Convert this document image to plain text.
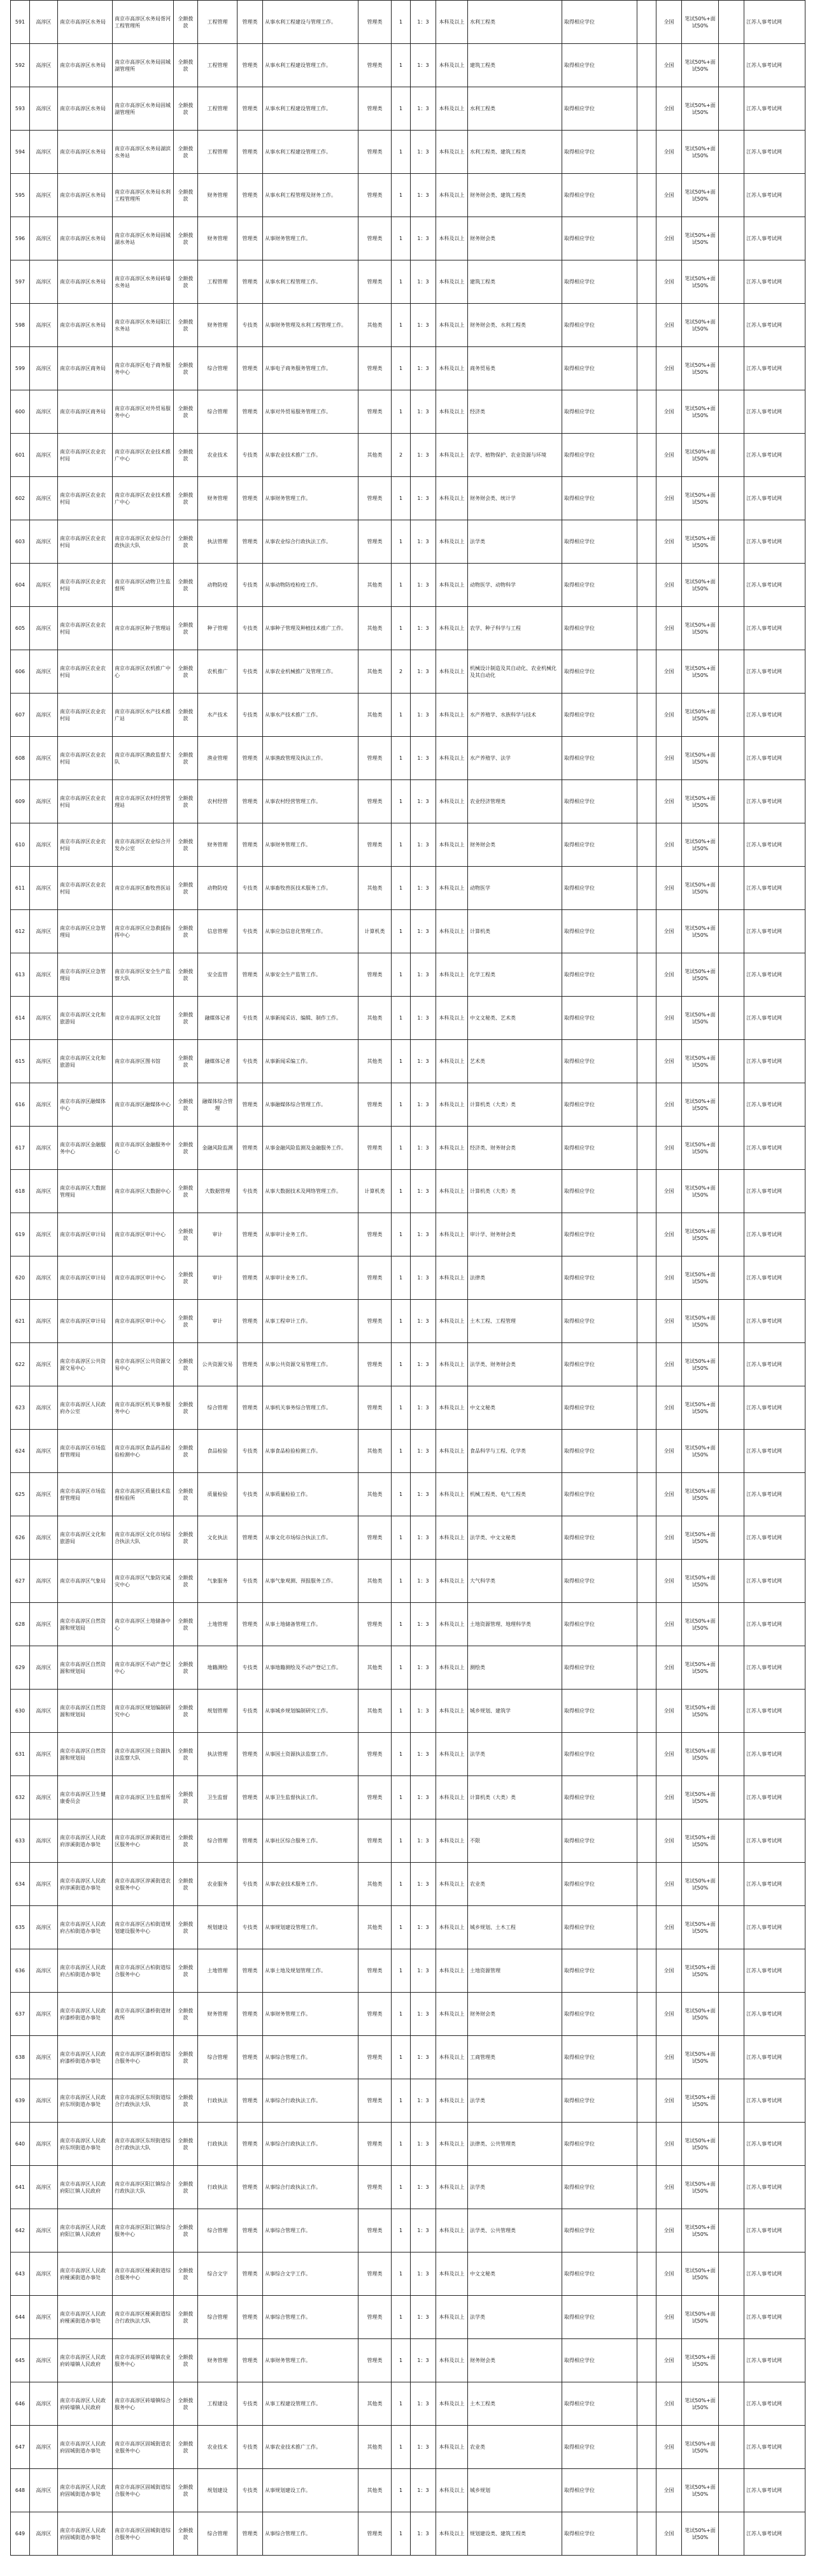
591	高淳区	南京市高淳区水务局	南京市高淳区水务局胥河工程管理所	全额拨款	工程管理	管理类	从事水利工程建设与管理工作。	管理类	1	1：3	本科及以上	水利工程类	取得相应学位		全国	笔试50%+面试50%		江苏人事考试网
592	高淳区	南京市高淳区水务局	南京市高淳区水务局固城湖管理所	全额拨款	工程管理	管理类	从事水利工程建设管理工作。	管理类	1	1：3	本科及以上	建筑工程类	取得相应学位		全国	笔试50%+面试50%		江苏人事考试网
593	高淳区	南京市高淳区水务局	南京市高淳区水务局固城湖管理所	全额拨款	工程管理	管理类	从事水利工程建设管理工作。	管理类	1	1：3	本科及以上	水利工程类	取得相应学位		全国	笔试50%+面试50%		江苏人事考试网
594	高淳区	南京市高淳区水务局	南京市高淳区水务局湖滨水务站	全额拨款	工程管理	管理类	从事水利工程建设管理工作。	管理类	1	1：3	本科及以上	水利工程类、建筑工程类	取得相应学位		全国	笔试50%+面试50%		江苏人事考试网
595	高淳区	南京市高淳区水务局	南京市高淳区水务局水利工程管理所	全额拨款	财务管理	管理类	从事水利工程管理及财务工作。	管理类	1	1：3	本科及以上	财务财会类、建筑工程类	取得相应学位		全国	笔试50%+面试50%		江苏人事考试网
596	高淳区	南京市高淳区水务局	南京市高淳区水务局固城湖水务站	全额拨款	财务管理	管理类	从事财务管理工作。	管理类	1	1：3	本科及以上	财务财会类	取得相应学位		全国	笔试50%+面试50%		江苏人事考试网
597	高淳区	南京市高淳区水务局	南京市高淳区水务局砖墙水务站	全额拨款	工程管理	管理类	从事水利工程管理工作。	管理类	1	1：3	本科及以上	建筑工程类	取得相应学位		全国	笔试50%+面试50%		江苏人事考试网
598	高淳区	南京市高淳区水务局	南京市高淳区水务局阳江水务站	全额拨款	财务管理	专技类	从事财务管理及水利工程管理工作。	其他类	1	1：3	本科及以上	财务财会类、水利工程类	取得相应学位		全国	笔试50%+面试50%		江苏人事考试网
599	高淳区	南京市高淳区商务局	南京市高淳区电子商务服务中心	全额拨款	综合管理	管理类	从事电子商务服务管理工作。	管理类	1	1：3	本科及以上	商务贸易类	取得相应学位		全国	笔试50%+面试50%		江苏人事考试网
600	高淳区	南京市高淳区商务局	南京市高淳区对外贸易服务中心	全额拨款	综合管理	管理类	从事对外贸易服务管理工作。	管理类	1	1：3	本科及以上	经济类	取得相应学位		全国	笔试50%+面试50%		江苏人事考试网
601	高淳区	南京市高淳区农业农村局	南京市高淳区农业技术推广中心	全额拨款	农业技术	专技类	从事农业技术推广工作。	其他类	2	1：3	本科及以上	农学、植物保护、农业资源与环境	取得相应学位		全国	笔试50%+面试50%		江苏人事考试网
602	高淳区	南京市高淳区农业农村局	南京市高淳区农业技术推广中心	全额拨款	财务管理	管理类	从事财务管理工作。	管理类	1	1：3	本科及以上	财务财会类、统计学	取得相应学位		全国	笔试50%+面试50%		江苏人事考试网
603	高淳区	南京市高淳区农业农村局	南京市高淳区农业综合行政执法大队	全额拨款	执法管理	管理类	从事农业综合行政执法工作。	管理类	1	1：3	本科及以上	法学类	取得相应学位		全国	笔试50%+面试50%		江苏人事考试网
604	高淳区	南京市高淳区农业农村局	南京市高淳区动物卫生监督所	全额拨款	动物防疫	专技类	从事动物防疫检疫工作。	其他类	1	1：3	本科及以上	动物医学、动物科学	取得相应学位		全国	笔试50%+面试50%		江苏人事考试网
605	高淳区	南京市高淳区农业农村局	南京市高淳区种子管理站	全额拨款	种子管理	专技类	从事种子管理及种植技术推广工作。	其他类	1	1：3	本科及以上	农学、种子科学与工程	取得相应学位		全国	笔试50%+面试50%		江苏人事考试网
606	高淳区	南京市高淳区农业农村局	南京市高淳区农机推广中心	全额拨款	农机推广	专技类	从事农业机械推广及管理工作。	其他类	2	1：3	本科及以上	机械设计制造及其自动化、农业机械化及其自动化	取得相应学位		全国	笔试50%+面试50%		江苏人事考试网
607	高淳区	南京市高淳区农业农村局	南京市高淳区水产技术推广站	全额拨款	水产技术	专技类	从事水产技术推广工作。	其他类	1	1：3	本科及以上	水产养殖学、水族科学与技术	取得相应学位		全国	笔试50%+面试50%		江苏人事考试网
608	高淳区	南京市高淳区农业农村局	南京市高淳区渔政监督大队	全额拨款	渔业管理	管理类	从事渔政管理及执法工作。	管理类	1	1：3	本科及以上	水产养殖学、法学	取得相应学位		全国	笔试50%+面试50%		江苏人事考试网
609	高淳区	南京市高淳区农业农村局	南京市高淳区农村经营管理站	全额拨款	农村经管	管理类	从事农村经营管理工作。	管理类	1	1：3	本科及以上	农业经济管理类	取得相应学位		全国	笔试50%+面试50%		江苏人事考试网
610	高淳区	南京市高淳区农业农村局	南京市高淳区农业综合开发办公室	全额拨款	财务管理	管理类	从事财务管理工作。	管理类	1	1：3	本科及以上	财务财会类	取得相应学位		全国	笔试50%+面试50%		江苏人事考试网
611	高淳区	南京市高淳区农业农村局	南京市高淳区畜牧兽医站	全额拨款	动物防疫	专技类	从事畜牧兽医技术服务工作。	其他类	1	1：3	本科及以上	动物医学	取得相应学位		全国	笔试50%+面试50%		江苏人事考试网
612	高淳区	南京市高淳区应急管理局	南京市高淳区应急救援指挥中心	全额拨款	信息管理	专技类	从事应急信息化管理工作。	计算机类	1	1：3	本科及以上	计算机类	取得相应学位		全国	笔试50%+面试50%		江苏人事考试网
613	高淳区	南京市高淳区应急管理局	南京市高淳区安全生产监察大队	全额拨款	安全监管	管理类	从事安全生产监管工作。	管理类	1	1：3	本科及以上	化学工程类	取得相应学位		全国	笔试50%+面试50%		江苏人事考试网
614	高淳区	南京市高淳区文化和旅游局	南京市高淳区文化馆	全额拨款	融媒体记者	专技类	从事新闻采访、编辑、制作工作。	其他类	1	1：3	本科及以上	中文文秘类、艺术类	取得相应学位		全国	笔试50%+面试50%		江苏人事考试网
615	高淳区	南京市高淳区文化和旅游局	南京市高淳区图书馆	全额拨款	融媒体记者	专技类	从事新闻采编工作。	其他类	1	1：3	本科及以上	艺术类	取得相应学位		全国	笔试50%+面试50%		江苏人事考试网
616	高淳区	南京市高淳区融媒体中心	南京市高淳区融媒体中心	全额拨款	融媒体综合管理	管理类	从事融媒体综合管理工作。	管理类	1	1：3	本科及以上	计算机类（大类）类	取得相应学位		全国	笔试50%+面试50%		江苏人事考试网
617	高淳区	南京市高淳区金融服务中心	南京市高淳区金融服务中心	全额拨款	金融风险监测	管理类	从事金融风险监测及金融服务工作。	管理类	1	1：3	本科及以上	经济类、财务财会类	取得相应学位		全国	笔试50%+面试50%		江苏人事考试网
618	高淳区	南京市高淳区大数据管理局	南京市高淳区大数据中心	全额拨款	大数据管理	专技类	从事大数据技术及网络管理工作。	计算机类	1	1：3	本科及以上	计算机类（大类）类	取得相应学位		全国	笔试50%+面试50%		江苏人事考试网
619	高淳区	南京市高淳区审计局	南京市高淳区审计中心	全额拨款	审计	管理类	从事审计业务工作。	管理类	1	1：3	本科及以上	审计学、财务财会类	取得相应学位		全国	笔试50%+面试50%		江苏人事考试网
620	高淳区	南京市高淳区审计局	南京市高淳区审计中心	全额拨款	审计	管理类	从事审计业务工作。	管理类	1	1：3	本科及以上	法律类	取得相应学位		全国	笔试50%+面试50%		江苏人事考试网
621	高淳区	南京市高淳区审计局	南京市高淳区审计中心	全额拨款	审计	管理类	从事工程审计工作。	管理类	1	1：3	本科及以上	土木工程、工程管理	取得相应学位		全国	笔试50%+面试50%		江苏人事考试网
622	高淳区	南京市高淳区公共资源交易中心	南京市高淳区公共资源交易中心	全额拨款	公共资源交易	管理类	从事公共资源交易管理工作。	管理类	1	1：3	本科及以上	法学类、财务财会类	取得相应学位		全国	笔试50%+面试50%		江苏人事考试网
623	高淳区	南京市高淳区人民政府办公室	南京市高淳区机关事务服务中心	全额拨款	综合管理	管理类	从事机关事务综合管理工作。	管理类	1	1：3	本科及以上	中文文秘类	取得相应学位		全国	笔试50%+面试50%		江苏人事考试网
624	高淳区	南京市高淳区市场监督管理局	南京市高淳区食品药品检验检测中心	全额拨款	食品检验	专技类	从事食品检验检测工作。	其他类	1	1：3	本科及以上	食品科学与工程、化学类	取得相应学位		全国	笔试50%+面试50%		江苏人事考试网
625	高淳区	南京市高淳区市场监督管理局	南京市高淳区质量技术监督检验所	全额拨款	质量检验	专技类	从事质量检验工作。	其他类	1	1：3	本科及以上	机械工程类、电气工程类	取得相应学位		全国	笔试50%+面试50%		江苏人事考试网
626	高淳区	南京市高淳区文化和旅游局	南京市高淳区文化市场综合执法大队	全额拨款	文化执法	管理类	从事文化市场综合执法工作。	管理类	1	1：3	本科及以上	法学类、中文文秘类	取得相应学位		全国	笔试50%+面试50%		江苏人事考试网
627	高淳区	南京市高淳区气象局	南京市高淳区气象防灾减灾中心	全额拨款	气象服务	专技类	从事气象观测、预报服务工作。	其他类	1	1：3	本科及以上	大气科学类	取得相应学位		全国	笔试50%+面试50%		江苏人事考试网
628	高淳区	南京市高淳区自然资源和规划局	南京市高淳区土地储备中心	全额拨款	土地管理	管理类	从事土地储备管理工作。	管理类	1	1：3	本科及以上	土地资源管理、地理科学类	取得相应学位		全国	笔试50%+面试50%		江苏人事考试网
629	高淳区	南京市高淳区自然资源和规划局	南京市高淳区不动产登记中心	全额拨款	地籍测绘	专技类	从事地籍测绘及不动产登记工作。	其他类	1	1：3	本科及以上	测绘类	取得相应学位		全国	笔试50%+面试50%		江苏人事考试网
630	高淳区	南京市高淳区自然资源和规划局	南京市高淳区规划编制研究中心	全额拨款	规划管理	专技类	从事城乡规划编制研究工作。	其他类	1	1：3	本科及以上	城乡规划、建筑学	取得相应学位		全国	笔试50%+面试50%		江苏人事考试网
631	高淳区	南京市高淳区自然资源和规划局	南京市高淳区国土资源执法监察大队	全额拨款	执法管理	管理类	从事国土资源执法监察工作。	管理类	1	1：3	本科及以上	法学类	取得相应学位		全国	笔试50%+面试50%		江苏人事考试网
632	高淳区	南京市高淳区卫生健康委员会	南京市高淳区卫生监督所	全额拨款	卫生监督	管理类	从事卫生监督执法工作。	管理类	1	1：3	本科及以上	计算机类（大类）类	取得相应学位		全国	笔试50%+面试50%		江苏人事考试网
633	高淳区	南京市高淳区人民政府淳溪街道办事处	南京市高淳区淳溪街道社区服务中心	全额拨款	综合管理	管理类	从事社区综合服务工作。	管理类	1	1：3	本科及以上	不限	取得相应学位		全国	笔试50%+面试50%		江苏人事考试网
634	高淳区	南京市高淳区人民政府淳溪街道办事处	南京市高淳区淳溪街道农业服务中心	全额拨款	农业服务	专技类	从事农业技术服务工作。	其他类	1	1：3	本科及以上	农业类	取得相应学位		全国	笔试50%+面试50%		江苏人事考试网
635	高淳区	南京市高淳区人民政府古柏街道办事处	南京市高淳区古柏街道规划建设服务中心	全额拨款	规划建设	专技类	从事规划建设管理工作。	其他类	1	1：3	本科及以上	城乡规划、土木工程	取得相应学位		全国	笔试50%+面试50%		江苏人事考试网
636	高淳区	南京市高淳区人民政府古柏街道办事处	南京市高淳区古柏街道综合服务中心	全额拨款	土地管理	管理类	从事土地及规划管理工作。	管理类	1	1：3	本科及以上	土地资源管理	取得相应学位		全国	笔试50%+面试50%		江苏人事考试网
637	高淳区	南京市高淳区人民政府漆桥街道办事处	南京市高淳区漆桥街道财政所	全额拨款	财务管理	管理类	从事财务管理工作。	管理类	1	1：3	本科及以上	财务财会类	取得相应学位		全国	笔试50%+面试50%		江苏人事考试网
638	高淳区	南京市高淳区人民政府漆桥街道办事处	南京市高淳区漆桥街道综合服务中心	全额拨款	综合管理	管理类	从事综合管理工作。	管理类	1	1：3	本科及以上	工商管理类	取得相应学位		全国	笔试50%+面试50%		江苏人事考试网
639	高淳区	南京市高淳区人民政府东坝街道办事处	南京市高淳区东坝街道综合行政执法大队	全额拨款	行政执法	管理类	从事综合行政执法工作。	管理类	1	1：3	本科及以上	法学类	取得相应学位		全国	笔试50%+面试50%		江苏人事考试网
640	高淳区	南京市高淳区人民政府东坝街道办事处	南京市高淳区东坝街道综合行政执法大队	全额拨款	行政执法	管理类	从事综合行政执法工作。	管理类	1	1：3	本科及以上	法律类、公共管理类	取得相应学位		全国	笔试50%+面试50%		江苏人事考试网
641	高淳区	南京市高淳区人民政府阳江镇人民政府	南京市高淳区阳江镇综合行政执法大队	全额拨款	行政执法	管理类	从事综合行政执法工作。	管理类	1	1：3	本科及以上	法学类	取得相应学位		全国	笔试50%+面试50%		江苏人事考试网
642	高淳区	南京市高淳区人民政府阳江镇人民政府	南京市高淳区阳江镇综合服务中心	全额拨款	综合管理	管理类	从事综合管理工作。	管理类	1	1：3	本科及以上	法学类、公共管理类	取得相应学位		全国	笔试50%+面试50%		江苏人事考试网
643	高淳区	南京市高淳区人民政府桠溪街道办事处	南京市高淳区桠溪街道综合服务中心	全额拨款	综合文字	管理类	从事综合文字工作。	管理类	1	1：3	本科及以上	中文文秘类	取得相应学位		全国	笔试50%+面试50%		江苏人事考试网
644	高淳区	南京市高淳区人民政府桠溪街道办事处	南京市高淳区桠溪街道综合行政执法大队	全额拨款	综合管理	管理类	从事综合管理工作。	管理类	1	1：3	本科及以上	法学类	取得相应学位		全国	笔试50%+面试50%		江苏人事考试网
645	高淳区	南京市高淳区人民政府砖墙镇人民政府	南京市高淳区砖墙镇农业服务中心	全额拨款	财务管理	管理类	从事财务管理工作。	管理类	1	1：3	本科及以上	财务财会类	取得相应学位		全国	笔试50%+面试50%		江苏人事考试网
646	高淳区	南京市高淳区人民政府砖墙镇人民政府	南京市高淳区砖墙镇综合服务中心	全额拨款	工程建设	专技类	从事工程建设管理工作。	其他类	1	1：3	本科及以上	土木工程类	取得相应学位		全国	笔试50%+面试50%		江苏人事考试网
647	高淳区	南京市高淳区人民政府固城街道办事处	南京市高淳区固城街道农业服务中心	全额拨款	农业技术	专技类	从事农业技术推广工作。	其他类	1	1：3	本科及以上	农业类	取得相应学位		全国	笔试50%+面试50%		江苏人事考试网
648	高淳区	南京市高淳区人民政府固城街道办事处	南京市高淳区固城街道综合服务中心	全额拨款	规划建设	专技类	从事规划建设工作。	其他类	1	1：3	本科及以上	城乡规划	取得相应学位		全国	笔试50%+面试50%		江苏人事考试网
649	高淳区	南京市高淳区人民政府固城街道办事处	南京市高淳区固城街道综合服务中心	全额拨款	综合管理	管理类	从事综合管理工作。	管理类	1	1：3	本科及以上	规划建设类、建筑工程类	取得相应学位		全国	笔试50%+面试50%		江苏人事考试网
